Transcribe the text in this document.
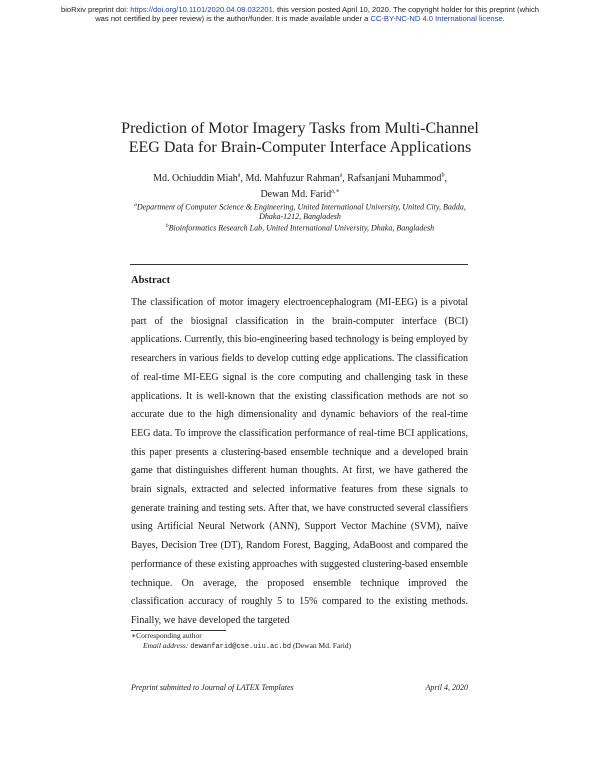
bioRxiv preprint doi: https://doi.org/10.1101/2020.04.08.032201. this version posted April 10, 2020. The copyright holder for this preprint (which
was not certified by peer review) is the author/funder. It is made available under a CC-BY-NC-ND 4.0 International license.
Prediction of Motor Imagery Tasks from Multi-Channel
EEG Data for Brain-Computer Interface Applications
Md. Ochiuddin Miah$^a$, Md. Mahfuzur Rahman$^a$, Rafsanjani Muhammod$^b$,
Dewan Md. Farid$^{a,∗}$
$^a$Department of Computer Science & Engineering, United International University, United City, Badda, Dhaka-1212, Bangladesh
$^b$Bioinformatics Research Lab, United International University, Dhaka, Bangladesh
Abstract
The classification of motor imagery electroencephalogram (MI-EEG) is a pivotal part of the biosignal classification in the brain-computer interface (BCI) applications. Currently, this bio-engineering based technology is being employed by researchers in various fields to develop cutting edge applications. The classification of real-time MI-EEG signal is the core computing and challenging task in these applications. It is well-known that the existing classification methods are not so accurate due to the high dimensionality and dynamic behaviors of the real-time EEG data. To improve the classification performance of real-time BCI applications, this paper presents a clustering-based ensemble technique and a developed brain game that distinguishes different human thoughts. At first, we have gathered the brain signals, extracted and selected informative features from these signals to generate training and testing sets. After that, we have constructed several classifiers using Artificial Neural Network (ANN), Support Vector Machine (SVM), naïve Bayes, Decision Tree (DT), Random Forest, Bagging, AdaBoost and compared the performance of these existing approaches with suggested clustering-based ensemble technique. On average, the proposed ensemble technique improved the classification accuracy of roughly 5 to 15% compared to the existing methods. Finally, we have developed the targeted
∗Corresponding author
Email address: dewanfarid@cse.uiu.ac.bd (Dewan Md. Farid)
Preprint submitted to Journal of LATEX Templates	April 4, 2020
